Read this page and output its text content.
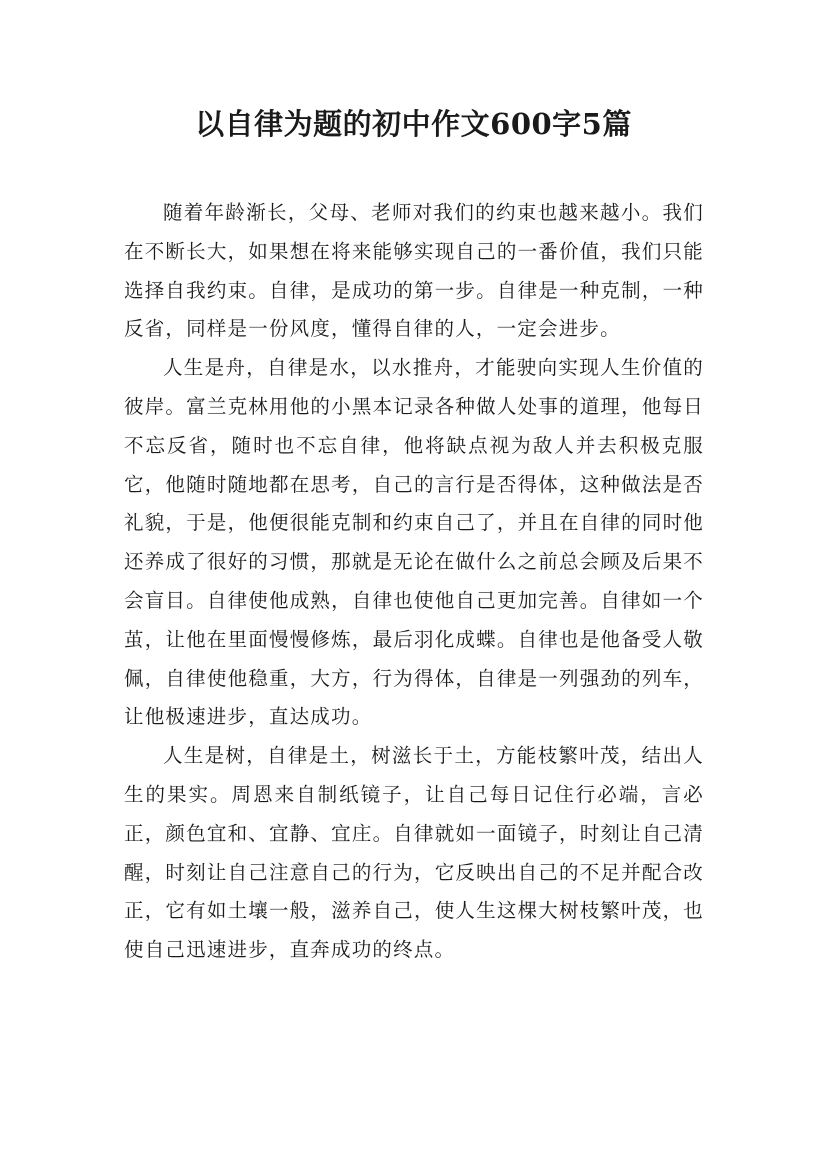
以自律为题的初中作文600字5篇

随着年龄渐长，父母、老师对我们的约束也越来越小。我们在不断长大，如果想在将来能够实现自己的一番价值，我们只能选择自我约束。自律，是成功的第一步。自律是一种克制，一种反省，同样是一份风度，懂得自律的人，一定会进步。

人生是舟，自律是水，以水推舟，才能驶向实现人生价值的彼岸。富兰克林用他的小黑本记录各种做人处事的道理，他每日不忘反省，随时也不忘自律，他将缺点视为敌人并去积极克服它，他随时随地都在思考，自己的言行是否得体，这种做法是否礼貌，于是，他便很能克制和约束自己了，并且在自律的同时他还养成了很好的习惯，那就是无论在做什么之前总会顾及后果不会盲目。自律使他成熟，自律也使他自己更加完善。自律如一个茧，让他在里面慢慢修炼，最后羽化成蝶。自律也是他备受人敬佩，自律使他稳重，大方，行为得体，自律是一列强劲的列车，让他极速进步，直达成功。

人生是树，自律是土，树滋长于土，方能枝繁叶茂，结出人生的果实。周恩来自制纸镜子，让自己每日记住行必端，言必正，颜色宜和、宜静、宜庄。自律就如一面镜子，时刻让自己清醒，时刻让自己注意自己的行为，它反映出自己的不足并配合改正，它有如土壤一般，滋养自己，使人生这棵大树枝繁叶茂，也使自己迅速进步，直奔成功的终点。
